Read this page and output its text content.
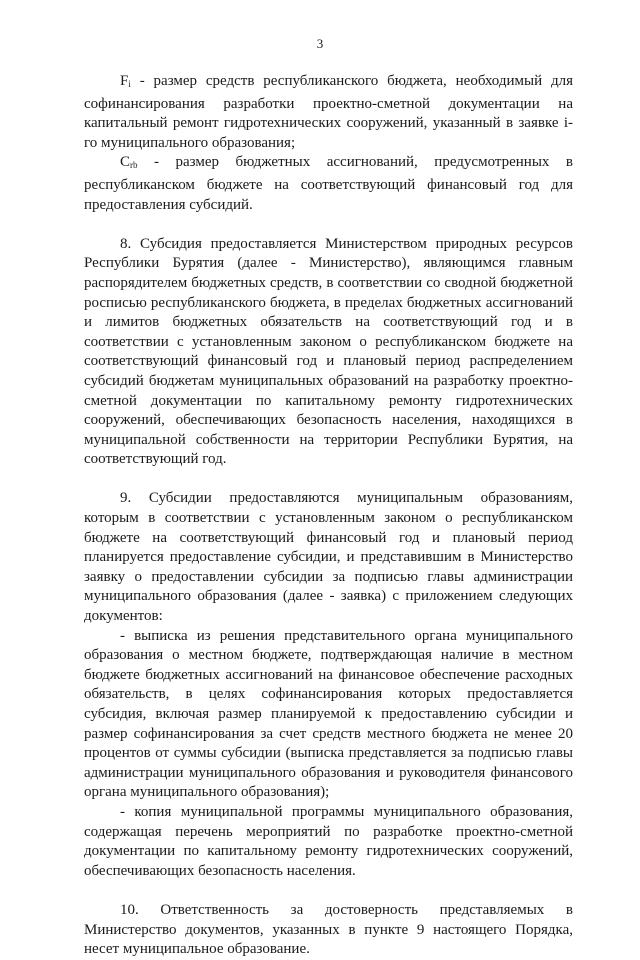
3

$F_i$ - размер средств республиканского бюджета, необходимый для софинансирования разработки проектно-сметной документации на капитальный ремонт гидротехнических сооружений, указанный в заявке i-го муниципального образования;

$C_{rb}$ - размер бюджетных ассигнований, предусмотренных в республиканском бюджете на соответствующий финансовый год для предоставления субсидий.

8. Субсидия предоставляется Министерством природных ресурсов Республики Бурятия (далее - Министерство), являющимся главным распорядителем бюджетных средств, в соответствии со сводной бюджетной росписью республиканского бюджета, в пределах бюджетных ассигнований и лимитов бюджетных обязательств на соответствующий год и в соответствии с установленным законом о республиканском бюджете на соответствующий финансовый год и плановый период распределением субсидий бюджетам муниципальных образований на разработку проектно-сметной документации по капитальному ремонту гидротехнических сооружений, обеспечивающих безопасность населения, находящихся в муниципальной собственности на территории Республики Бурятия, на соответствующий год.

9. Субсидии предоставляются муниципальным образованиям, которым в соответствии с установленным законом о республиканском бюджете на соответствующий финансовый год и плановый период планируется предоставление субсидии, и представившим в Министерство заявку о предоставлении субсидии за подписью главы администрации муниципального образования (далее - заявка) с приложением следующих документов:

- выписка из решения представительного органа муниципального образования о местном бюджете, подтверждающая наличие в местном бюджете бюджетных ассигнований на финансовое обеспечение расходных обязательств, в целях софинансирования которых предоставляется субсидия, включая размер планируемой к предоставлению субсидии и размер софинансирования за счет средств местного бюджета не менее 20 процентов от суммы субсидии (выписка представляется за подписью главы администрации муниципального образования и руководителя финансового органа муниципального образования);

- копия муниципальной программы муниципального образования, содержащая перечень мероприятий по разработке проектно-сметной документации по капитальному ремонту гидротехнических сооружений, обеспечивающих безопасность населения.

10. Ответственность за достоверность представляемых в Министерство документов, указанных в пункте 9 настоящего Порядка, несет муниципальное образование.
